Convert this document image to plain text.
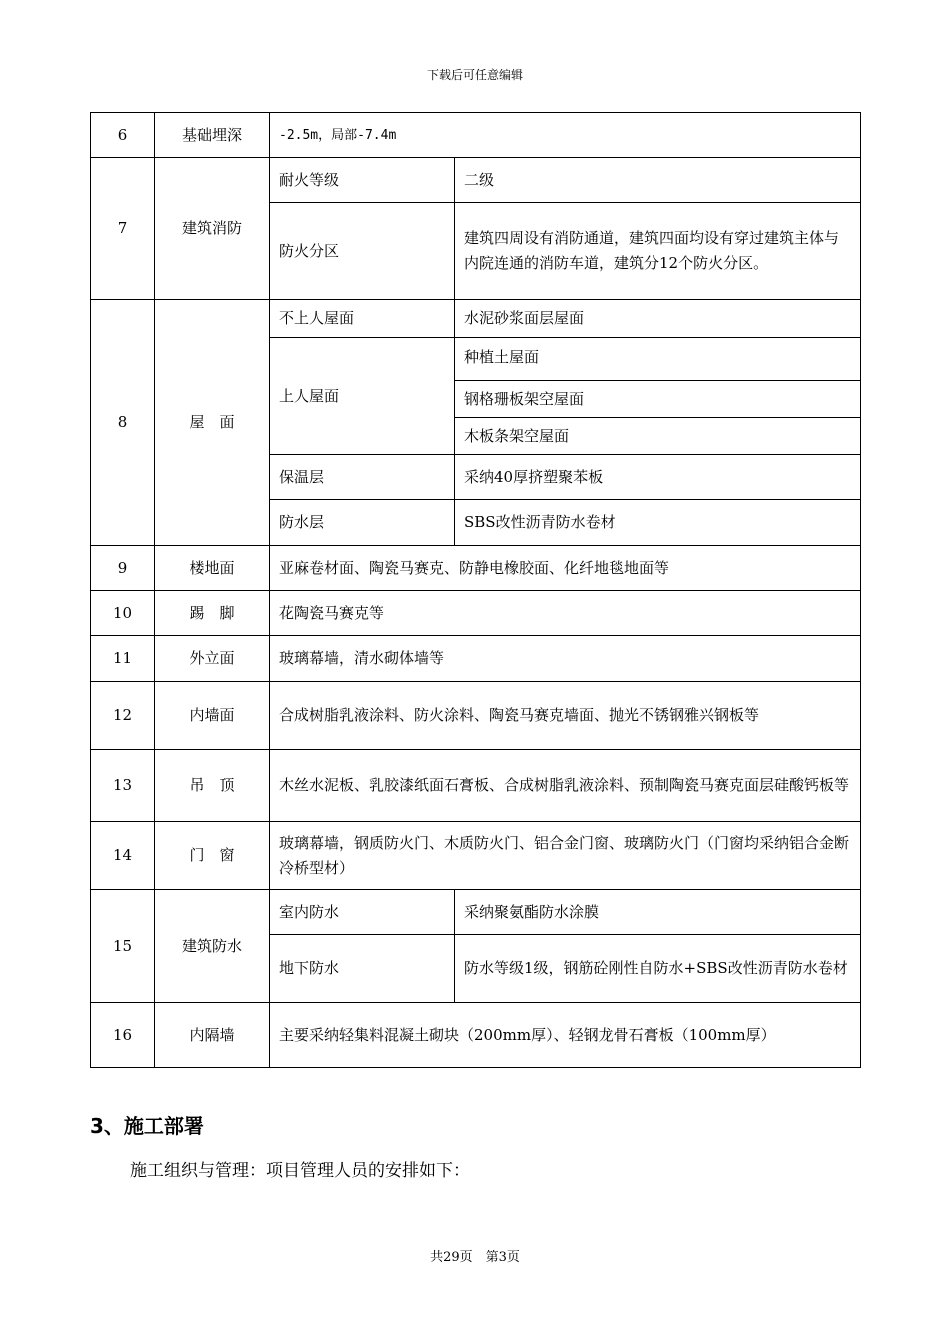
下载后可任意编辑
6	基础埋深	-2.5m，局部-7.4m	
7	建筑消防	耐火等级	二级
		防火分区	建筑四周设有消防通道，建筑四面均设有穿过建筑主体与内院连通的消防车道，建筑分12个防火分区。
8	屋　面	不上人屋面	水泥砂浆面层屋面
		上人屋面	种植土屋面
			钢格珊板架空屋面
			木板条架空屋面
		保温层	采纳40厚挤塑聚苯板
		防水层	SBS改性沥青防水卷材
9	楼地面	亚麻卷材面、陶瓷马赛克、防静电橡胶面、化纤地毯地面等	
10	踢　脚	花陶瓷马赛克等	
11	外立面	玻璃幕墙，清水砌体墙等	
12	内墙面	合成树脂乳液涂料、防火涂料、陶瓷马赛克墙面、抛光不锈钢雅兴钢板等	
13	吊　顶	木丝水泥板、乳胶漆纸面石膏板、合成树脂乳液涂料、预制陶瓷马赛克面层硅酸钙板等	
14	门　窗	玻璃幕墙，钢质防火门、木质防火门、铝合金门窗、玻璃防火门（门窗均采纳铝合金断冷桥型材）	
15	建筑防水	室内防水	采纳聚氨酯防水涂膜
		地下防水	防水等级1级，钢筋砼刚性自防水+SBS改性沥青防水卷材
16	内隔墙	主要采纳轻集料混凝土砌块（200mm厚）、轻钢龙骨石膏板（100mm厚）	
3、施工部署
施工组织与管理：项目管理人员的安排如下：
共29页　第3页
